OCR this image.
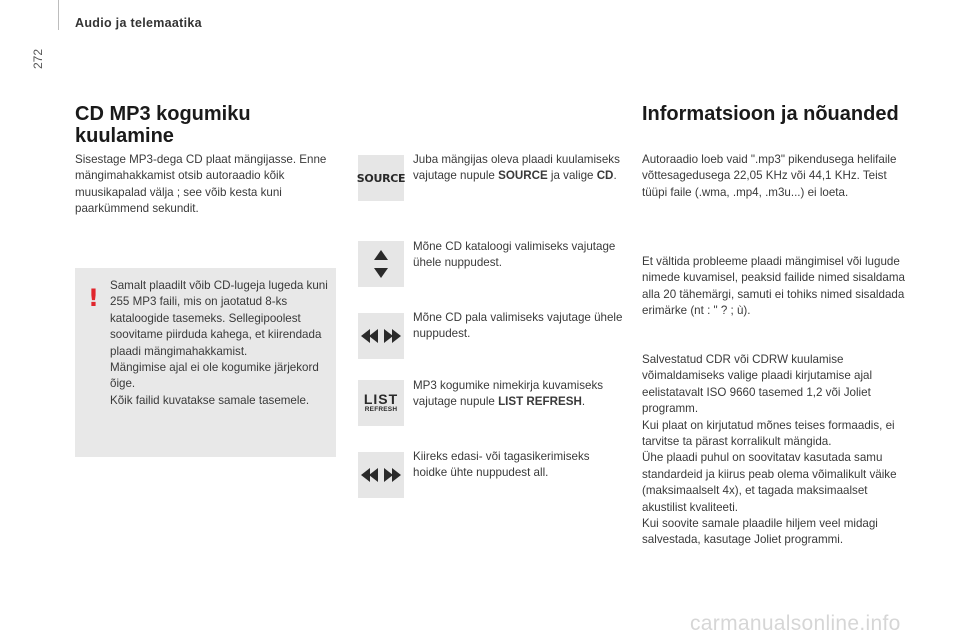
Audio ja telemaatika
272
CD MP3 kogumiku kuulamine
Sisestage MP3-dega CD plaat mängijasse. Enne mängimahakkamist otsib autoraadio kõik muusikapalad välja ; see võib kesta kuni paarkümmend sekundit.
! Samalt plaadilt võib CD-lugeja lugeda kuni 255 MP3 faili, mis on jaotatud 8-ks kataloogide tasemeks. Sellegipoolest soovitame piirduda kahega, et kiirendada plaadi mängimahakkamist.
Mängimise ajal ei ole kogumike järjekord õige.
Kõik failid kuvatakse samale tasemele.
SOURCE
Juba mängijas oleva plaadi kuulamiseks vajutage nupule SOURCE ja valige CD.
Mõne CD kataloogi valimiseks vajutage ühele nuppudest.
Mõne CD pala valimiseks vajutage ühele nuppudest.
LIST
REFRESH
MP3 kogumike nimekirja kuvamiseks vajutage nupule LIST REFRESH.
Kiireks edasi- või tagasikerimiseks hoidke ühte nuppudest all.
Informatsioon ja nõuanded
Autoraadio loeb vaid ".mp3" pikendusega helifaile võttesagedusega 22,05 KHz või 44,1 KHz. Teist tüüpi faile (.wma, .mp4, .m3u...) ei loeta.
Et vältida probleeme plaadi mängimisel või lugude nimede kuvamisel, peaksid failide nimed sisaldama alla 20 tähemärgi, samuti ei tohiks nimed sisaldada erimärke (nt : " ? ; ù).
Salvestatud CDR või CDRW kuulamise võimaldamiseks valige plaadi kirjutamise ajal eelistatavalt ISO 9660 tasemed 1,2 või Joliet programm.
Kui plaat on kirjutatud mõnes teises formaadis, ei tarvitse ta pärast korralikult mängida.
Ühe plaadi puhul on soovitatav kasutada samu standardeid ja kiirus peab olema võimalikult väike (maksimaalselt 4x), et tagada maksimaalset akustilist kvaliteeti.
Kui soovite samale plaadile hiljem veel midagi salvestada, kasutage Joliet programmi.
carmanualsonline.info
